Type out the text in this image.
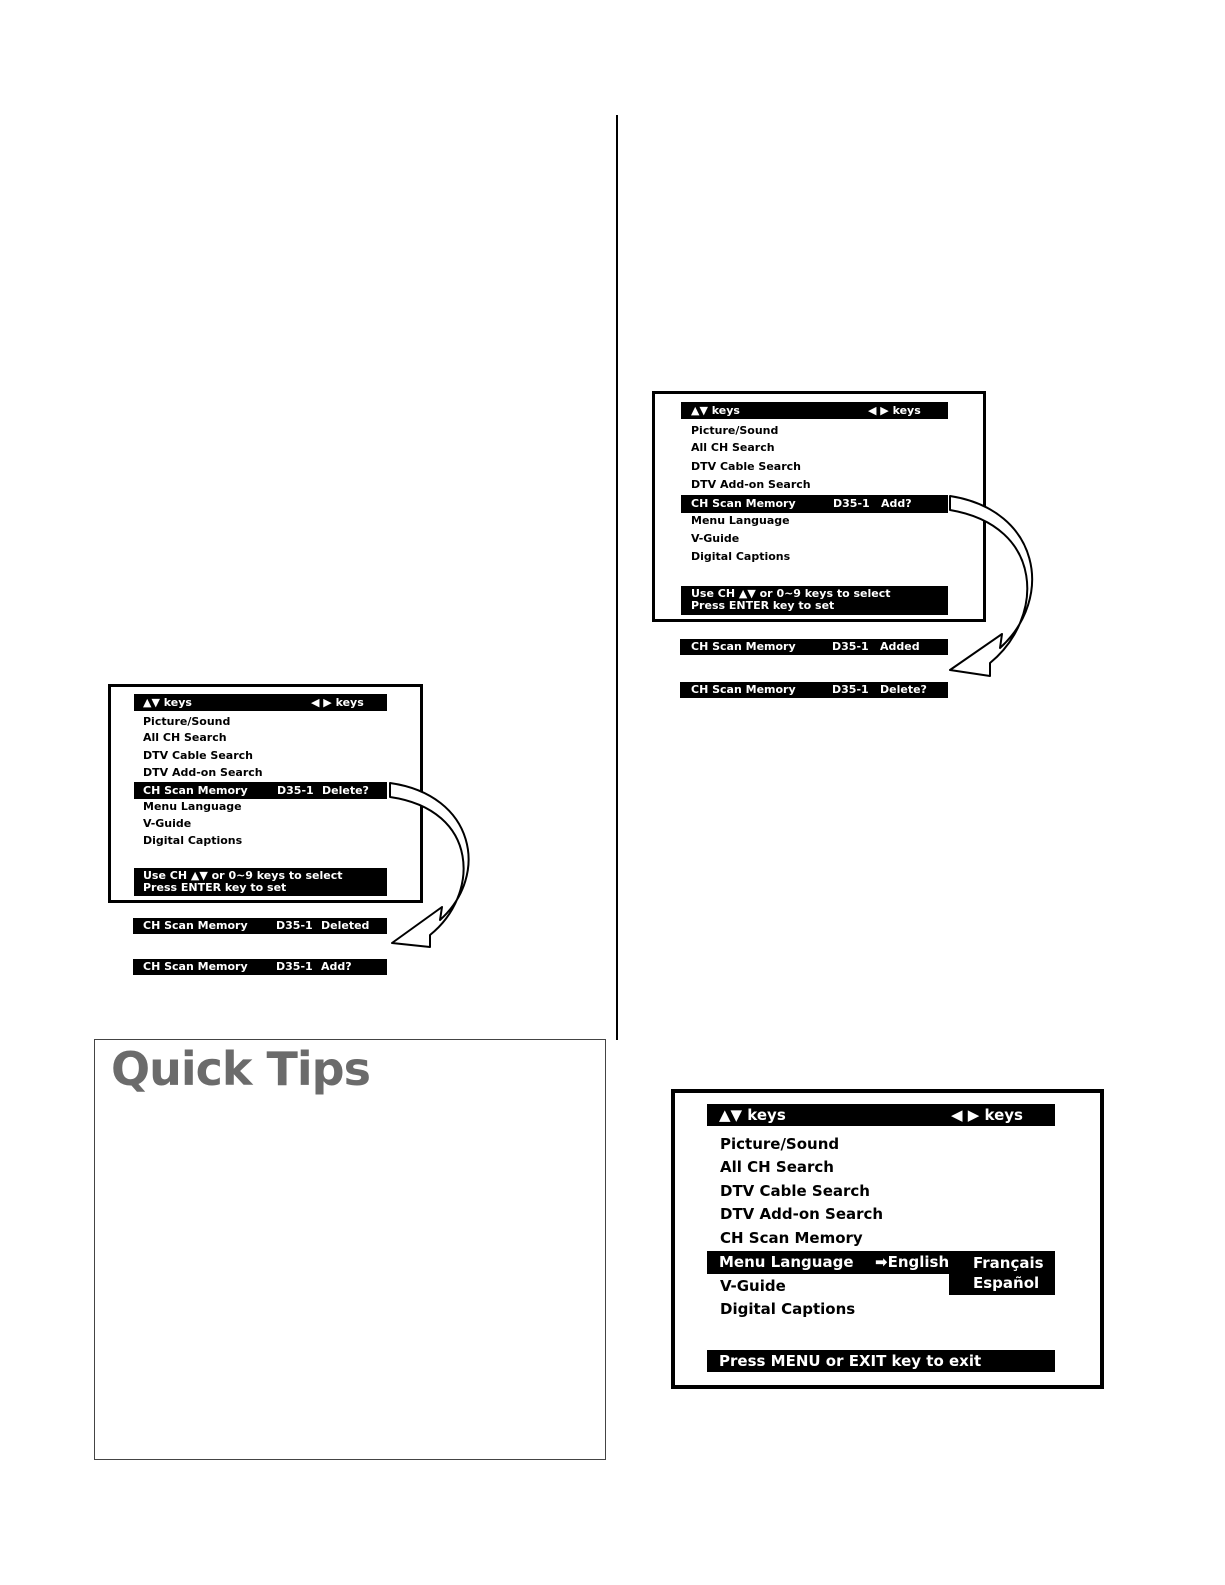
▲▼ keys	◀ ▶ keys
Picture/Sound
All CH Search
DTV Cable Search
DTV Add-on Search
CH Scan Memory	D35-1 Delete?
Menu Language
V-Guide
Digital Captions
Use CH ▲▼ or 0~9 keys to select
Press ENTER key to set
CH Scan Memory	D35-1 Deleted
CH Scan Memory	D35-1 Add?
▲▼ keys	◀ ▶ keys
Picture/Sound
All CH Search
DTV Cable Search
DTV Add-on Search
CH Scan Memory	D35-1 Add?
Menu Language
V-Guide
Digital Captions
Use CH ▲▼ or 0~9 keys to select
Press ENTER key to set
CH Scan Memory	D35-1 Added
CH Scan Memory	D35-1 Delete?
Quick Tips
▲▼ keys	◀ ▶ keys
Picture/Sound
All CH Search
DTV Cable Search
DTV Add-on Search
CH Scan Memory
Menu Language ➡English Français
Español
V-Guide
Digital Captions
Press MENU or EXIT key to exit
